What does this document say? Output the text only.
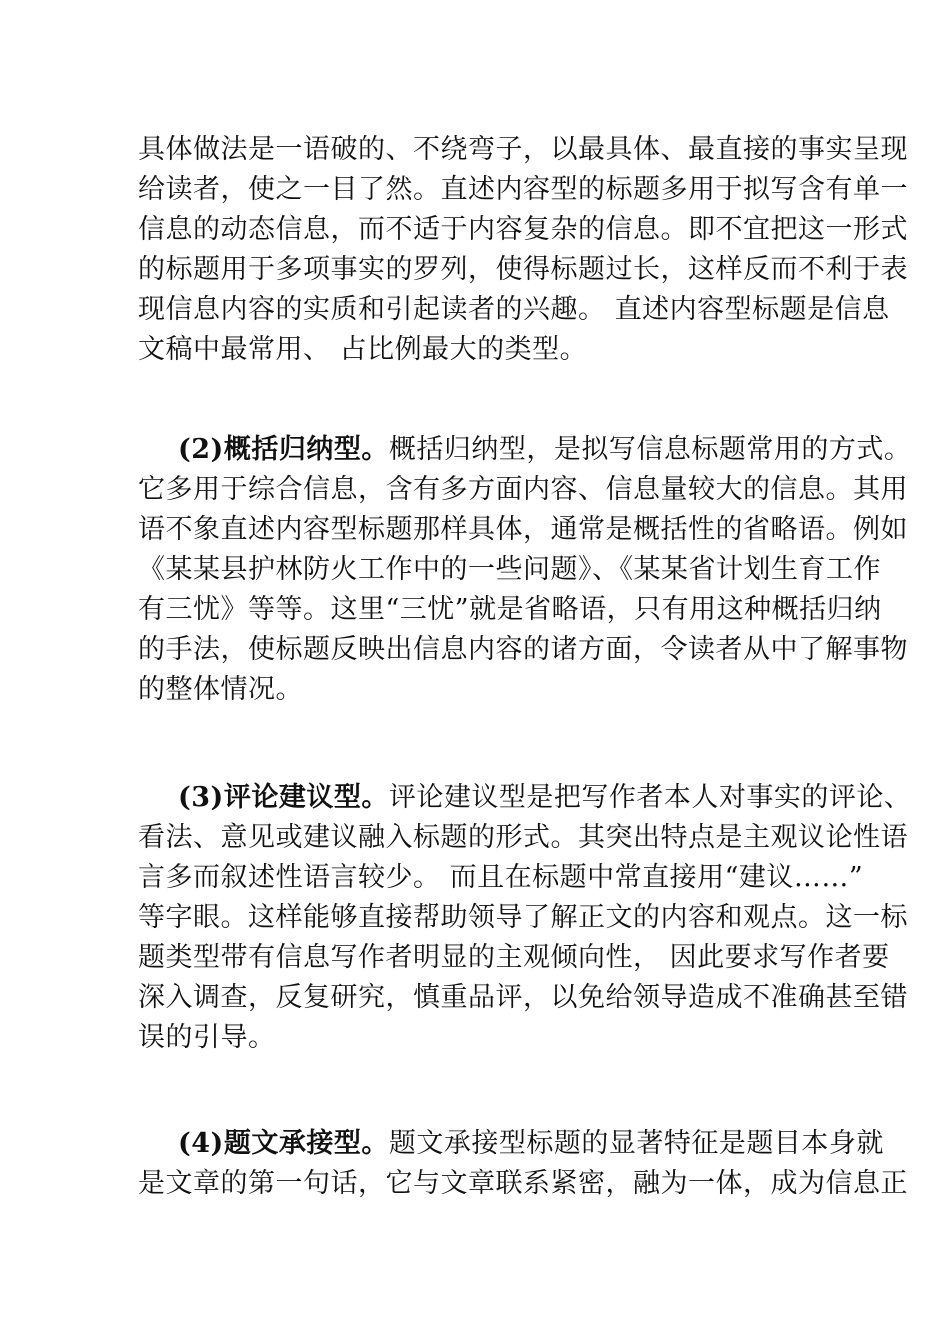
具体做法是一语破的、不绕弯子，以最具体、最直接的事实呈现
给读者，使之一目了然。直述内容型的标题多用于拟写含有单一
信息的动态信息，而不适于内容复杂的信息。即不宜把这一形式
的标题用于多项事实的罗列，使得标题过长，这样反而不利于表
现信息内容的实质和引起读者的兴趣。 直述内容型标题是信息
文稿中最常用、 占比例最大的类型。
(2)概括归纳型。概括归纳型，是拟写信息标题常用的方式。
它多用于综合信息，含有多方面内容、信息量较大的信息。其用
语不象直述内容型标题那样具体，通常是概括性的省略语。例如
《某某县护林防火工作中的一些问题》、《某某省计划生育工作
有三忧》等等。这里“三忧”就是省略语，只有用这种概括归纳
的手法，使标题反映出信息内容的诸方面，令读者从中了解事物
的整体情况。
(3)评论建议型。评论建议型是把写作者本人对事实的评论、
看法、意见或建议融入标题的形式。其突出特点是主观议论性语
言多而叙述性语言较少。 而且在标题中常直接用“建议……”
等字眼。这样能够直接帮助领导了解正文的内容和观点。这一标
题类型带有信息写作者明显的主观倾向性， 因此要求写作者要
深入调查，反复研究，慎重品评，以免给领导造成不准确甚至错
误的引导。
(4)题文承接型。题文承接型标题的显著特征是题目本身就
是文章的第一句话，它与文章联系紧密，融为一体，成为信息正
